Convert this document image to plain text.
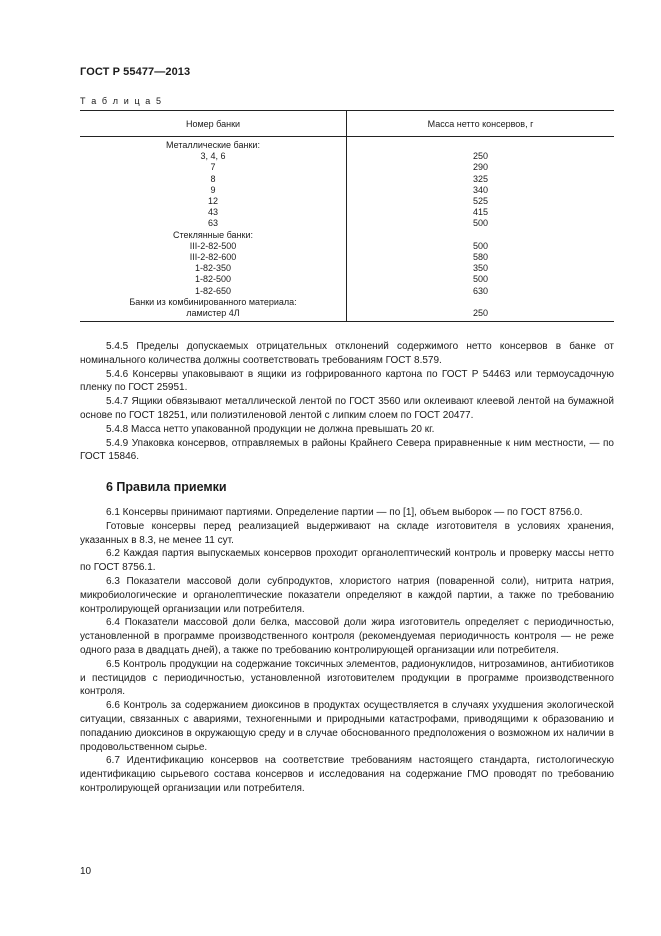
ГОСТ Р 55477—2013
Т а б л и ц а 5
Номер банки	Масса нетто консервов, г
Металлические банки:	
3, 4, 6	250
7	290
8	325
9	340
12	525
43	415
63	500
Стеклянные банки:	
III-2-82-500	500
III-2-82-600	580
1-82-350	350
1-82-500	500
1-82-650	630
Банки из комбинированного материала:	
ламистер 4Л	250

5.4.5 Пределы допускаемых отрицательных отклонений содержимого нетто консервов в банке от номинального количества должны соответствовать требованиям ГОСТ 8.579.

5.4.6 Консервы упаковывают в ящики из гофрированного картона по ГОСТ Р 54463 или термоусадочную пленку по ГОСТ 25951.

5.4.7 Ящики обвязывают металлической лентой по ГОСТ 3560 или оклеивают клеевой лентой на бумажной основе по ГОСТ 18251, или полиэтиленовой лентой с липким слоем по ГОСТ 20477.

5.4.8 Масса нетто упакованной продукции не должна превышать 20 кг.

5.4.9 Упаковка консервов, отправляемых в районы Крайнего Севера приравненные к ним местности, — по ГОСТ 15846.

6 Правила приемки

6.1 Консервы принимают партиями. Определение партии — по [1], объем выборок — по ГОСТ 8756.0.

Готовые консервы перед реализацией выдерживают на складе изготовителя в условиях хранения, указанных в 8.3, не менее 11 сут.

6.2 Каждая партия выпускаемых консервов проходит органолептический контроль и проверку массы нетто по ГОСТ 8756.1.

6.3 Показатели массовой доли субпродуктов, хлористого натрия (поваренной соли), нитрита натрия, микробиологические и органолептические показатели определяют в каждой партии, а также по требованию контролирующей организации или потребителя.

6.4 Показатели массовой доли белка, массовой доли жира изготовитель определяет с периодичностью, установленной в программе производственного контроля (рекомендуемая периодичность контроля — не реже одного раза в двадцать дней), а также по требованию контролирующей организации или потребителя.

6.5 Контроль продукции на содержание токсичных элементов, радионуклидов, нитрозаминов, антибиотиков и пестицидов с периодичностью, установленной изготовителем продукции в программе производственного контроля.

6.6 Контроль за содержанием диоксинов в продуктах осуществляется в случаях ухудшения экологической ситуации, связанных с авариями, техногенными и природными катастрофами, приводящими к образованию и попаданию диоксинов в окружающую среду и в случае обоснованного предположения о возможном их наличии в продовольственном сырье.

6.7 Идентификацию консервов на соответствие требованиям настоящего стандарта, гистологическую идентификацию сырьевого состава консервов и исследования на содержание ГМО проводят по требованию контролирующей организации или потребителя.

10
